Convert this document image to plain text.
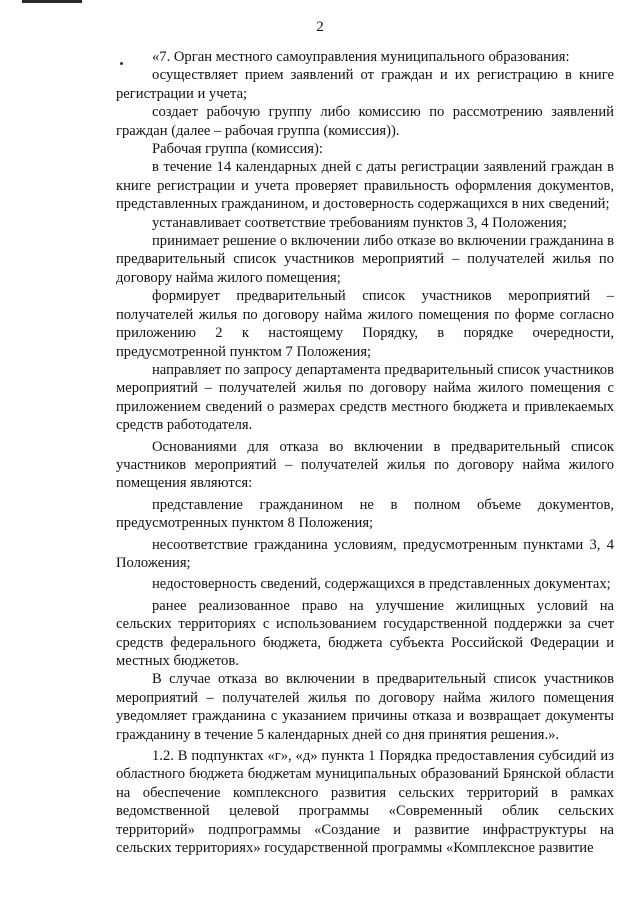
2

«7. Орган местного самоуправления муниципального образования:

осуществляет прием заявлений от граждан и их регистрацию в книге регистрации и учета;

создает рабочую группу либо комиссию по рассмотрению заявлений граждан (далее – рабочая группа (комиссия)).

Рабочая группа (комиссия):

в течение 14 календарных дней с даты регистрации заявлений граждан в книге регистрации и учета проверяет правильность оформления документов, представленных гражданином, и достоверность содержащихся в них сведений;

устанавливает соответствие требованиям пунктов 3, 4 Положения;

принимает решение о включении либо отказе во включении гражданина в предварительный список участников мероприятий – получателей жилья по договору найма жилого помещения;

формирует предварительный список участников мероприятий – получателей жилья по договору найма жилого помещения по форме согласно приложению 2 к настоящему Порядку, в порядке очередности, предусмотренной пунктом 7 Положения;

направляет по запросу департамента предварительный список участников мероприятий – получателей жилья по договору найма жилого помещения с приложением сведений о размерах средств местного бюджета и привлекаемых средств работодателя.

Основаниями для отказа во включении в предварительный список участников мероприятий – получателей жилья по договору найма жилого помещения являются:

представление гражданином не в полном объеме документов, предусмотренных пунктом 8 Положения;

несоответствие гражданина условиям, предусмотренным пунктами 3, 4 Положения;

недостоверность сведений, содержащихся в представленных документах;

ранее реализованное право на улучшение жилищных условий на сельских территориях с использованием государственной поддержки за счет средств федерального бюджета, бюджета субъекта Российской Федерации и местных бюджетов.

В случае отказа во включении в предварительный список участников мероприятий – получателей жилья по договору найма жилого помещения уведомляет гражданина с указанием причины отказа и возвращает документы гражданину в течение 5 календарных дней со дня принятия решения.».

1.2. В подпунктах «г», «д» пункта 1 Порядка предоставления субсидий из областного бюджета бюджетам муниципальных образований Брянской области на обеспечение комплексного развития сельских территорий в рамках ведомственной целевой программы «Современный облик сельских территорий» подпрограммы «Создание и развитие инфраструктуры на сельских территориях» государственной программы «Комплексное развитие
